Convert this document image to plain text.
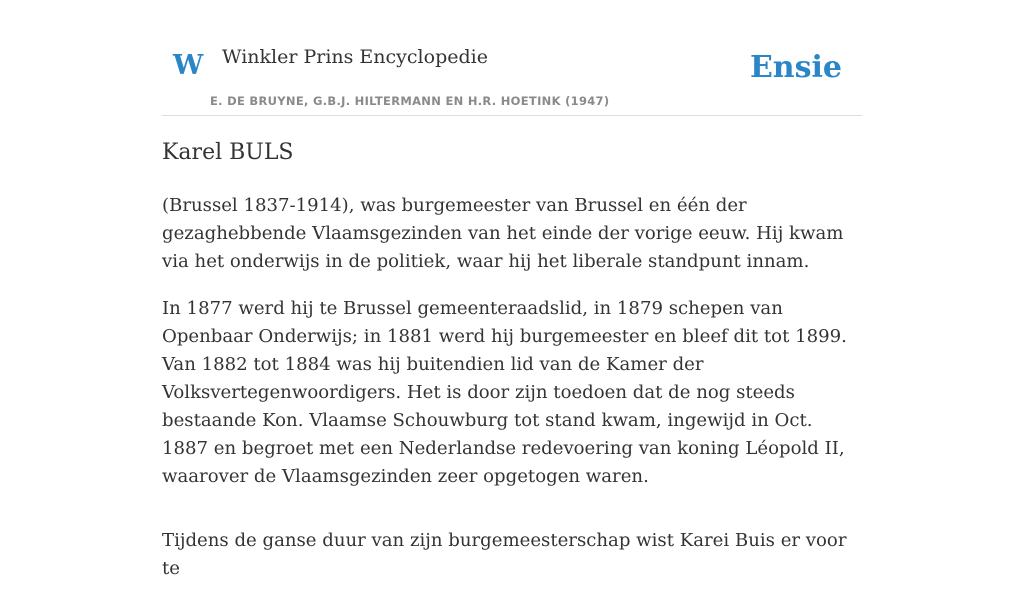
W Winkler Prins Encyclopedie
E. DE BRUYNE, G.B.J. HILTERMANN EN H.R. HOETINK (1947)
Ensie
Karel BULS

(Brussel 1837-1914), was burgemeester van Brussel en één der gezaghebbende Vlaamsgezinden van het einde der vorige eeuw. Hij kwam via het onderwijs in de politiek, waar hij het liberale standpunt innam.

In 1877 werd hij te Brussel gemeenteraadslid, in 1879 schepen van Openbaar Onderwijs; in 1881 werd hij burgemeester en bleef dit tot 1899. Van 1882 tot 1884 was hij buitendien lid van de Kamer der Volksvertegenwoordigers. Het is door zijn toedoen dat de nog steeds bestaande Kon. Vlaamse Schouwburg tot stand kwam, ingewijd in Oct. 1887 en begroet met een Nederlandse redevoering van koning Léopold II, waarover de Vlaamsgezinden zeer opgetogen waren.

Tijdens de ganse duur van zijn burgemeesterschap wist Karei Buis er voor te
